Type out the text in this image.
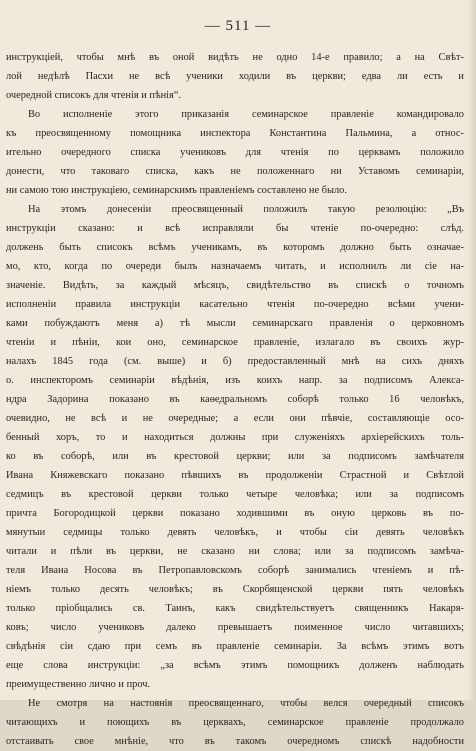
— 511 —
инструкцiей, чтобы мнѣ въ оной видѣть не одно 14-е правило; а на Свѣт-
лой недѣлѣ Пасхи не всѣ ученики ходили въ церкви; едва ли есть и
очередной списокъ для чтенiя и пѣнiя“.
Во исполненiе этого приказанiя семинарское правленiе командировало
къ преосвященному помощника инспектора Константина Пальмина, а относ-
ительно очередного списка учениковъ для чтенiя по церквамъ положило
донести, что таковаго списка, какъ не положеннаго ни Уставомъ семинарiи,
ни самою тою инструкцiею, семинарскимъ правленiемъ составлено не было.
На этомъ донесенiи преосвященный положилъ такую резолюцiю: „Въ
инструкцiи сказано: и всѣ исправляли бы чтенiе по-очередно: слѣд.
должень быть списокъ всѣмъ ученикамъ, въ которомъ должно быть означае-
мо, кто, когда по очереди былъ назначаемъ читать, и исполнилъ ли сiе на-
значенiе. Видѣть, за каждый мѣсяцъ, свидѣтельство въ спискѣ о точномъ
исполненiи правила инструкцiи касательно чтенiя по-очередно всѣми учени-
ками побуждаютъ меня а) тѣ мысли семинарскаго правленiя о церковномъ
чтенiи и пѣнiи, кои оно, семинарское правленiе, излагало въ своихъ жур-
налахъ 1845 года (см. выше) и б) предоставленный мнѣ на сихъ дняхъ
о. инспекторомъ семинарiи вѣдѣнiя, изъ коихъ напр. за подписомъ Алекса-
ндра Задорина показано въ каѳедральномъ соборѣ только 16 человѣкъ,
очевидно, не всѣ и не очередные; а если они пѣвчiе, составляющiе осо-
бенный хоръ, то и находиться должны при служенiяхъ архiерейскихъ толь-
ко въ соборѣ, или въ крестовой церкви; или за подписомъ замѣчателя
Ивана Княжевскаго показано пѣвшихъ въ продолженiи Страстной и Свѣтлой
седмицъ въ крестовой церкви только четыре человѣка; или за подписомъ
причта Богородицкой церкви показано ходившими въ оную церковь въ по-
мянутыи седмицы только девять человѣкъ, и чтобы сiи девять человѣкъ
читали и пѣли въ церкви, не сказано ни слова; или за подписомъ замѣча-
теля Ивана Носова въ Петропавловскомъ соборѣ занимались чтенiемъ и пѣ-
нiемъ только десять человѣкъ; въ Скорбященской церкви пять человѣкъ
только прiобщались св. Таинъ, какъ свидѣтельствуетъ священникъ Накаря-
ковъ; число учениковъ далеко превышаетъ поименное число читавшихъ;
свѣдѣнiя сiи сдаю при семъ въ правленiе семинарiи. За всѣмъ этимъ вотъ
еще слова инструкцiи: „за всѣмъ этимъ помощникъ долженъ наблюдать
преимущественно лично и проч.
Не смотря на настоянiя преосвященнаго, чтобы велся очередный списокъ
читающихъ и поющихъ въ церквахъ, семинарское правленiе продолжало
отстаивать свое мнѣнiе, что въ такомъ очередномъ спискѣ надобности
